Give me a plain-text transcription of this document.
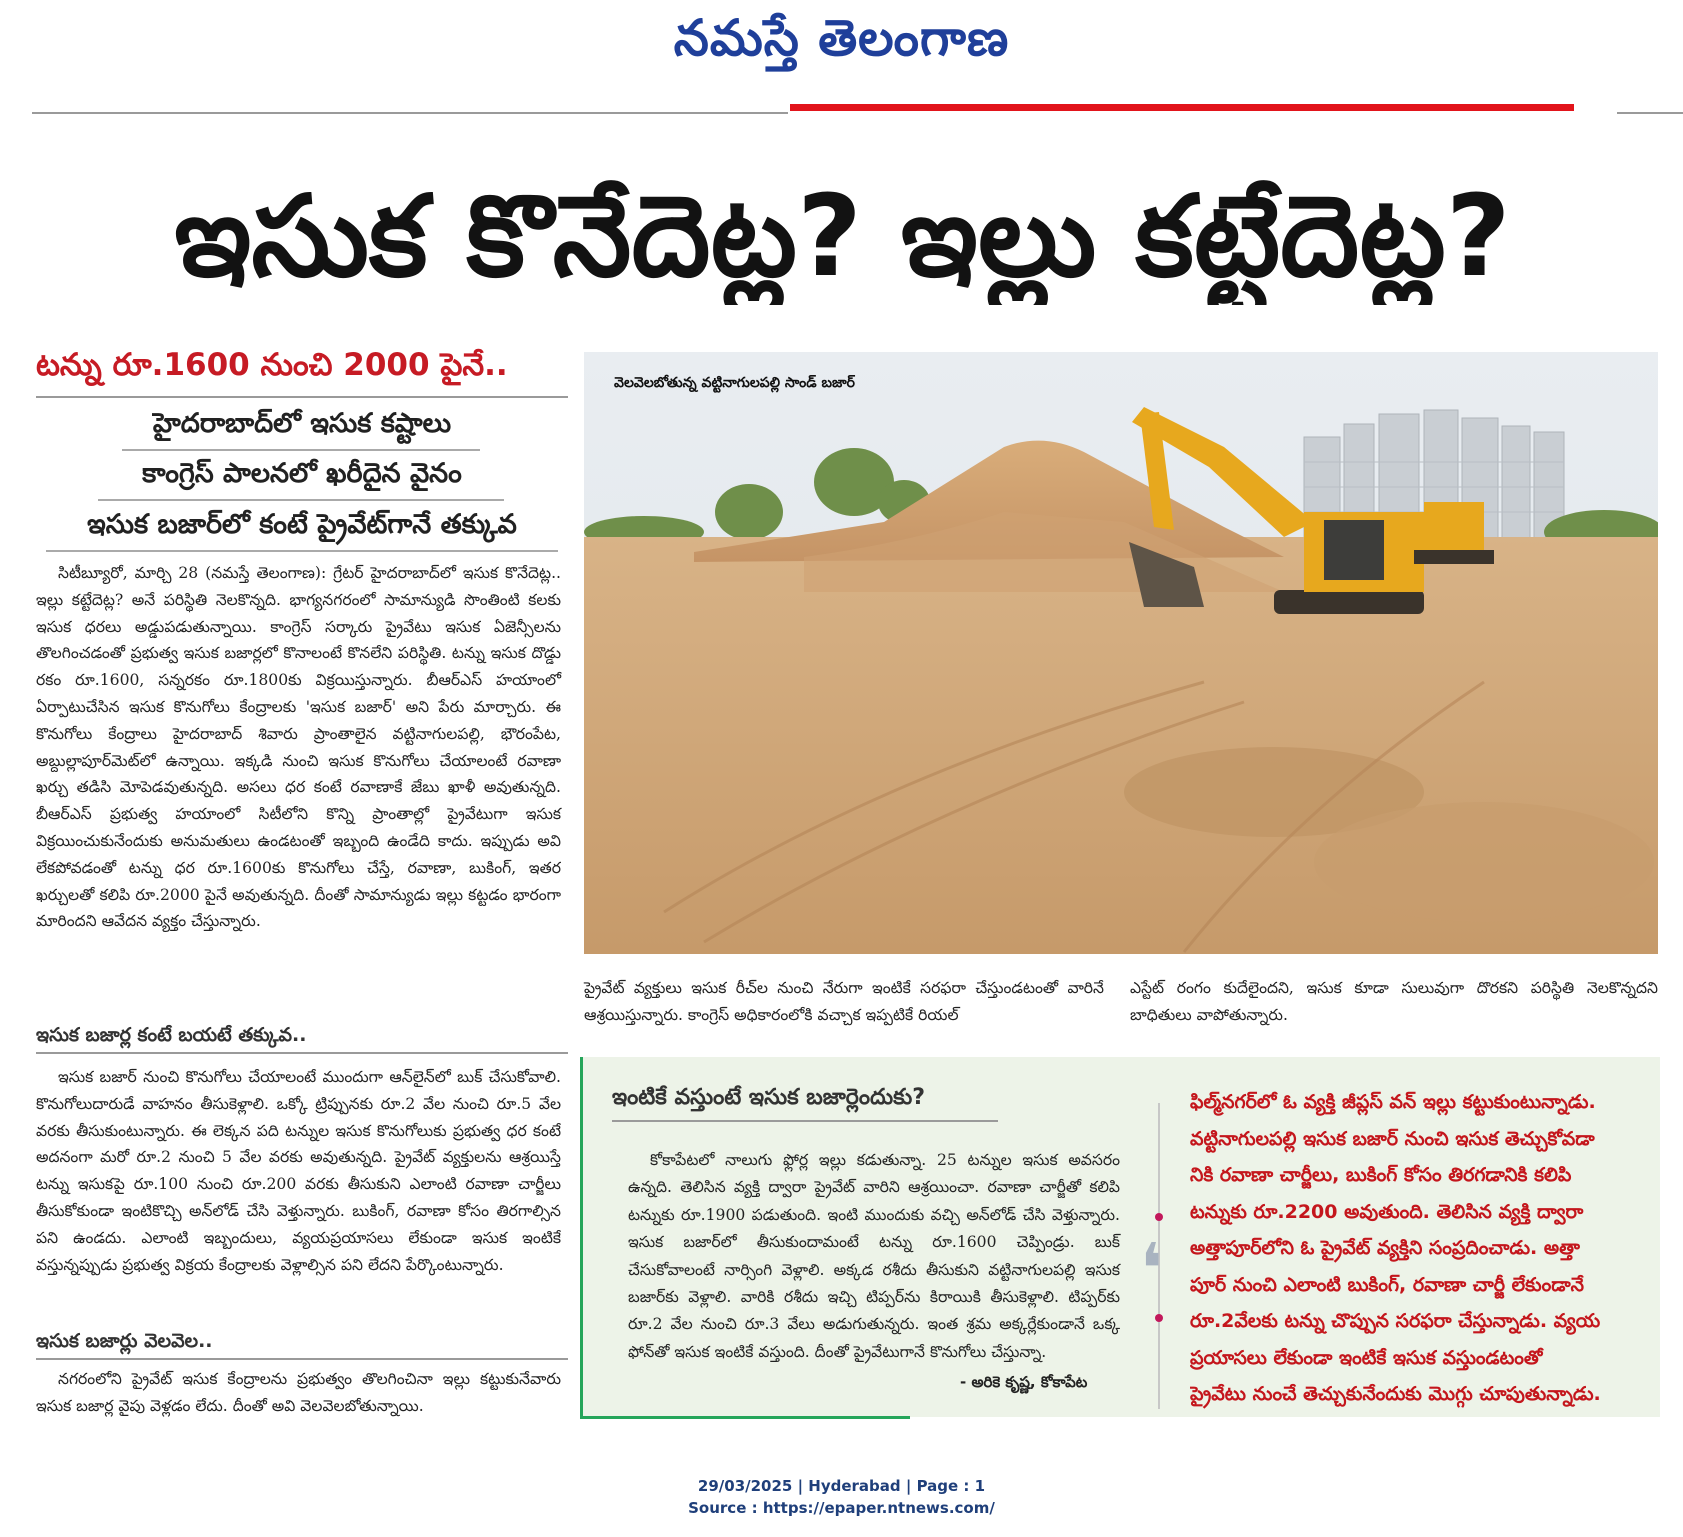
నమస్తే తెలంగాణ
ఇసుక కొనేదెట్ల? ఇల్లు కట్టేదెట్ల?
టన్ను రూ.1600 నుంచి 2000 పైనే..
హైదరాబాద్‌లో ఇసుక కష్టాలు
కాంగ్రెస్ పాలనలో ఖరీదైన వైనం
ఇసుక బజార్‌లో కంటే ప్రైవేట్‌గానే తక్కువ

సిటీబ్యూరో, మార్చి 28 (నమస్తే తెలంగాణ): గ్రేటర్ హైదరాబాద్‌లో ఇసుక కొనేదెట్ల.. ఇల్లు కట్టేదెట్ల? అనే పరిస్థితి నెలకొన్నది. భాగ్యనగరంలో సామాన్యుడి సొంతింటి కలకు ఇసుక ధరలు అడ్డుపడుతున్నాయి. కాంగ్రెస్ సర్కారు ప్రైవేటు ఇసుక ఏజెన్సీలను తొలగించడంతో ప్రభుత్వ ఇసుక బజార్లలో కొనాలంటే కొనలేని పరిస్థితి. టన్ను ఇసుక దొడ్డు రకం రూ.1600, సన్నరకం రూ.1800కు విక్రయిస్తున్నారు. బీఆర్‌ఎస్ హయాంలో ఏర్పాటుచేసిన ఇసుక కొనుగోలు కేంద్రాలకు 'ఇసుక బజార్' అని పేరు మార్చారు. ఈ కొనుగోలు కేంద్రాలు హైదరాబాద్ శివారు ప్రాంతాలైన వట్టినాగులపల్లి, భౌరంపేట, అబ్దుల్లాపూర్‌మెట్‌లో ఉన్నాయి. ఇక్కడి నుంచి ఇసుక కొనుగోలు చేయాలంటే రవాణా ఖర్చు తడిసి మోపెడవుతున్నది. అసలు ధర కంటే రవాణాకే జేబు ఖాళీ అవుతున్నది. బీఆర్‌ఎస్ ప్రభుత్వ హయాంలో సిటీలోని కొన్ని ప్రాంతాల్లో ప్రైవేటుగా ఇసుక విక్రయించుకునేందుకు అనుమతులు ఉండటంతో ఇబ్బంది ఉండేది కాదు. ఇప్పుడు అవి లేకపోవడంతో టన్ను ధర రూ.1600కు కొనుగోలు చేస్తే, రవాణా, బుకింగ్, ఇతర ఖర్చులతో కలిపి రూ.2000 పైనే అవుతున్నది. దీంతో సామాన్యుడు ఇల్లు కట్టడం భారంగా మారిందని ఆవేదన వ్యక్తం చేస్తున్నారు.

ఇసుక బజార్ల కంటే బయటే తక్కువ..

ఇసుక బజార్ నుంచి కొనుగోలు చేయాలంటే ముందుగా ఆన్‌లైన్‌లో బుక్ చేసుకోవాలి. కొనుగోలుదారుడే వాహనం తీసుకెళ్లాలి. ఒక్కో ట్రిప్పునకు రూ.2 వేల నుంచి రూ.5 వేల వరకు తీసుకుంటున్నారు. ఈ లెక్కన పది టన్నుల ఇసుక కొనుగోలుకు ప్రభుత్వ ధర కంటే అదనంగా మరో రూ.2 నుంచి 5 వేల వరకు అవుతున్నది. ప్రైవేట్ వ్యక్తులను ఆశ్రయిస్తే టన్ను ఇసుకపై రూ.100 నుంచి రూ.200 వరకు తీసుకుని ఎలాంటి రవాణా చార్జీలు తీసుకోకుండా ఇంటికొచ్చి అన్‌లోడ్ చేసి వెళ్తున్నారు. బుకింగ్, రవాణా కోసం తిరగాల్సిన పని ఉండదు. ఎలాంటి ఇబ్బందులు, వ్యయప్రయాసలు లేకుండా ఇసుక ఇంటికే వస్తున్నప్పుడు ప్రభుత్వ విక్రయ కేంద్రాలకు వెళ్లాల్సిన పని లేదని పేర్కొంటున్నారు.

ఇసుక బజార్లు వెలవెల..

నగరంలోని ప్రైవేట్ ఇసుక కేంద్రాలను ప్రభుత్వం తొలగించినా ఇల్లు కట్టుకునేవారు ఇసుక బజార్ల వైపు వెళ్లడం లేదు. దీంతో అవి వెలవెలబోతున్నాయి.

వెలవెలబోతున్న వట్టినాగులపల్లి సాండ్ బజార్
ప్రైవేట్ వ్యక్తులు ఇసుక రీచ్‌ల నుంచి నేరుగా ఇంటికే సరఫరా చేస్తుండటంతో వారినే ఆశ్రయిస్తున్నారు. కాంగ్రెస్ అధికారంలోకి వచ్చాక ఇప్పటికే రియల్
ఎస్టేట్ రంగం కుదేలైందని, ఇసుక కూడా సులువుగా దొరకని పరిస్థితి నెలకొన్నదని బాధితులు వాపోతున్నారు.
ఇంటికే వస్తుంటే ఇసుక బజార్లెందుకు?

కోకాపేటలో నాలుగు ఫ్లోర్ల ఇల్లు కడుతున్నా. 25 టన్నుల ఇసుక అవసరం ఉన్నది. తెలిసిన వ్యక్తి ద్వారా ప్రైవేట్ వారిని ఆశ్రయించా. రవాణా చార్జీతో కలిపి టన్నుకు రూ.1900 పడుతుంది. ఇంటి ముందుకు వచ్చి అన్‌లోడ్ చేసి వెళ్తున్నారు. ఇసుక బజార్‌లో తీసుకుందామంటే టన్ను రూ.1600 చెప్పిండ్రు. బుక్ చేసుకోవాలంటే నార్సింగి వెళ్లాలి. అక్కడ రశీదు తీసుకుని వట్టినాగులపల్లి ఇసుక బజార్‌కు వెళ్లాలి. వారికి రశీదు ఇచ్చి టిప్పర్‌ను కిరాయికి తీసుకెళ్లాలి. టిప్పర్‌కు రూ.2 వేల నుంచి రూ.3 వేలు అడుగుతున్నరు. ఇంత శ్రమ అక్కర్లేకుండానే ఒక్క ఫోన్‌తో ఇసుక ఇంటికే వస్తుంది. దీంతో ప్రైవేటుగానే కొనుగోలు చేస్తున్నా.

- అరికె కృష్ణ, కోకాపేట
❛
ఫిల్మ్‌నగర్‌లో ఓ వ్యక్తి జీప్లస్ వన్ ఇల్లు కట్టుకుంటున్నాడు.
వట్టినాగులపల్లి ఇసుక బజార్ నుంచి ఇసుక తెచ్చుకోవడా
నికి రవాణా చార్జీలు, బుకింగ్ కోసం తిరగడానికి కలిపి
టన్నుకు రూ.2200 అవుతుంది. తెలిసిన వ్యక్తి ద్వారా
అత్తాపూర్‌లోని ఓ ప్రైవేట్ వ్యక్తిని సంప్రదించాడు. అత్తా
పూర్ నుంచి ఎలాంటి బుకింగ్, రవాణా చార్జీ లేకుండానే
రూ.2వేలకు టన్ను చొప్పున సరఫరా చేస్తున్నాడు. వ్యయ
ప్రయాసలు లేకుండా ఇంటికే ఇసుక వస్తుండటంతో
ప్రైవేటు నుంచే తెచ్చుకునేందుకు మొగ్గు చూపుతున్నాడు.
29/03/2025 | Hyderabad | Page : 1
Source : https://epaper.ntnews.com/
